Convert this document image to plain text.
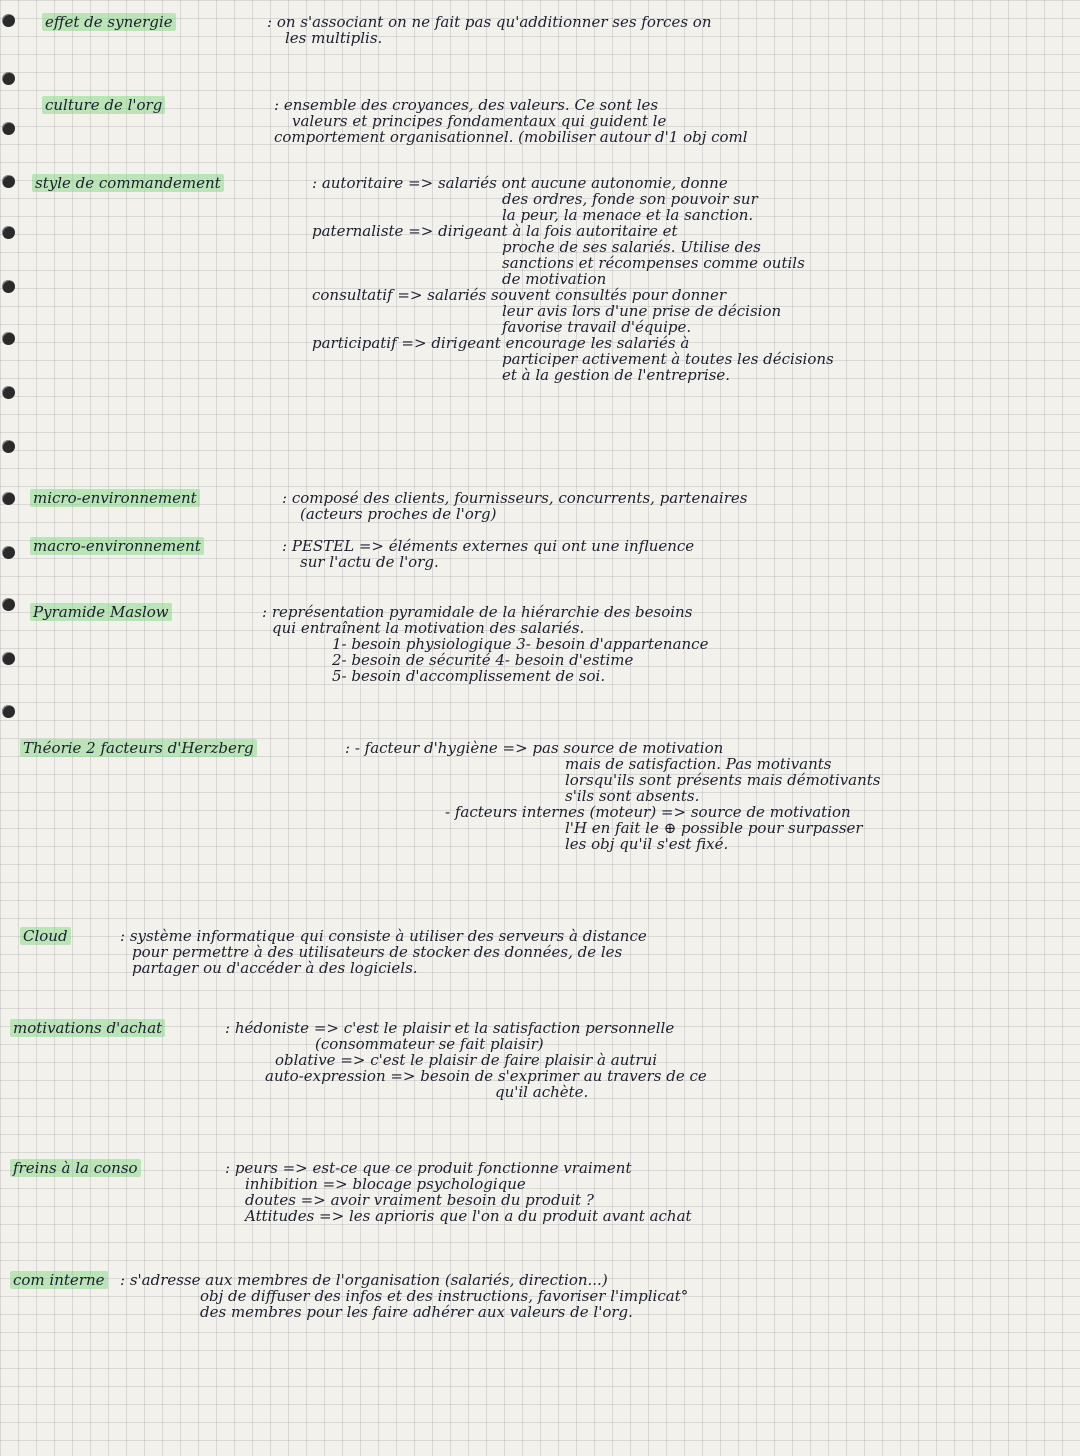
effet de synergie	: on s'associant on ne fait pas qu'additionner ses forces on
les multiplis.
culture de l'org	: ensemble des croyances, des valeurs. Ce sont les
valeurs et principes fondamentaux qui guident le
comportement organisationnel. (mobiliser autour d'1 obj coml
style de commandement	: autoritaire => salariés ont aucune autonomie, donne
des ordres, fonde son pouvoir sur
la peur, la menace et la sanction.
paternaliste => dirigeant à la fois autoritaire et
proche de ses salariés. Utilise des
sanctions et récompenses comme outils
de motivation
consultatif => salariés souvent consultés pour donner
leur avis lors d'une prise de décision
favorise travail d'équipe.
participatif => dirigeant encourage les salariés à
participer activement à toutes les décisions
et à la gestion de l'entreprise.
micro-environnement	: composé des clients, fournisseurs, concurrents, partenaires
(acteurs proches de l'org)
macro-environnement	: PESTEL => éléments externes qui ont une influence
sur l'actu de l'org.
Pyramide Maslow	: représentation pyramidale de la hiérarchie des besoins
qui entraînent la motivation des salariés.
1- besoin physiologique 3- besoin d'appartenance
2- besoin de sécurité 4- besoin d'estime
5- besoin d'accomplissement de soi.
Théorie 2 facteurs d'Herzberg	: - facteur d'hygiène => pas source de motivation
mais de satisfaction. Pas motivants
lorsqu'ils sont présents mais démotivants
s'ils sont absents.
- facteurs internes (moteur) => source de motivation
l'H en fait le ⊕ possible pour surpasser
les obj qu'il s'est fixé.
Cloud	: système informatique qui consiste à utiliser des serveurs à distance
pour permettre à des utilisateurs de stocker des données, de les
partager ou d'accéder à des logiciels.
motivations d'achat	: hédoniste => c'est le plaisir et la satisfaction personnelle
(consommateur se fait plaisir)
oblative => c'est le plaisir de faire plaisir à autrui
auto-expression => besoin de s'exprimer au travers de ce
qu'il achète.
freins à la conso	: peurs => est-ce que ce produit fonctionne vraiment
inhibition => blocage psychologique
doutes => avoir vraiment besoin du produit ?
Attitudes => les aprioris que l'on a du produit avant achat
com interne : s'adresse aux membres de l'organisation (salariés, direction...)
obj de diffuser des infos et des instructions, favoriser l'implicat°
des membres pour les faire adhérer aux valeurs de l'org.
